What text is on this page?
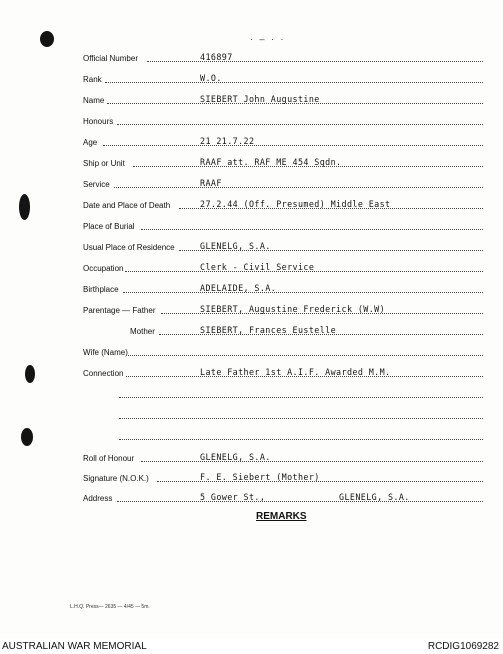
· – · ·
Official Number	416897
Rank	W.O.
Name	SIEBERT John Augustine
Honours
Age	21 21.7.22
Ship or Unit	RAAF att. RAF ME 454 Sqdn.
Service	RAAF
Date and Place of Death	27.2.44 (Off. Presumed) Middle East
Place of Burial
Usual Place of Residence	GLENELG, S.A.
Occupation	Clerk - Civil Service
Birthplace	ADELAIDE, S.A.
Parentage — Father	SIEBERT, Augustine Frederick (W.W)
Mother	SIEBERT, Frances Eustelle
Wife (Name)
Connection	Late Father 1st A.I.F. Awarded M.M.
Roll of Honour	GLENELG, S.A.
Signature (N.O.K.)	F. E. Siebert (Mother)
Address	5 Gower St.,	GLENELG, S.A.
REMARKS
L.H.Q. Press— 2635 — 4/45 — 5m.
AUSTRALIAN WAR MEMORIAL	RCDIG1069282
